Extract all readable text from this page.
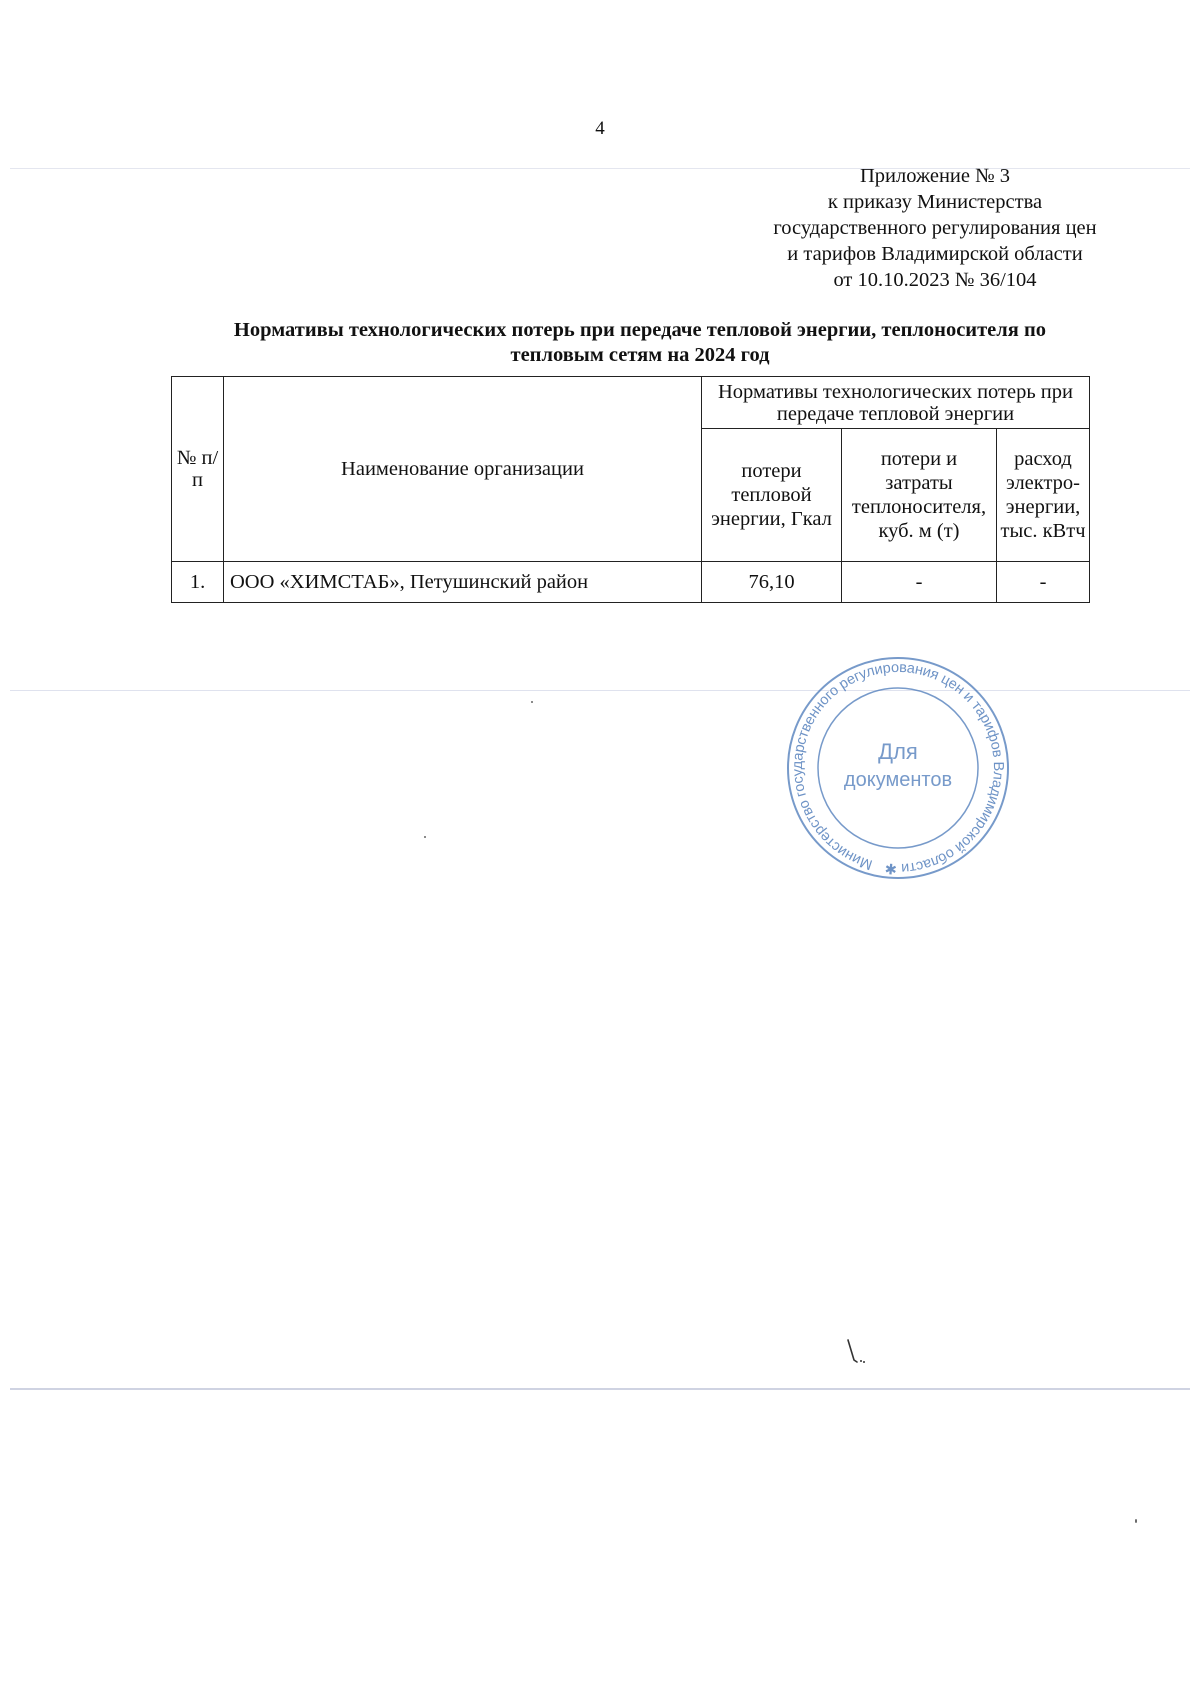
4
Приложение № 3
к приказу Министерства
государственного регулирования цен
и тарифов Владимирской области
от 10.10.2023 № 36/104
Нормативы технологических потерь при передаче тепловой энергии, теплоносителя по
тепловым сетям на 2024 год
№ п/п	Наименование организации	Нормативы технологических потерь при передаче тепловой энергии		
		потери тепловой энергии, Гкал	потери и затраты теплоносителя, куб. м (т)	расход электро-энергии, тыс. кВтч
1.	ООО «ХИМСТАБ», Петушинский район	76,10	-	-
Министерство государственного регулирования цен и тарифов Владимирской области ✱
Для
документов
